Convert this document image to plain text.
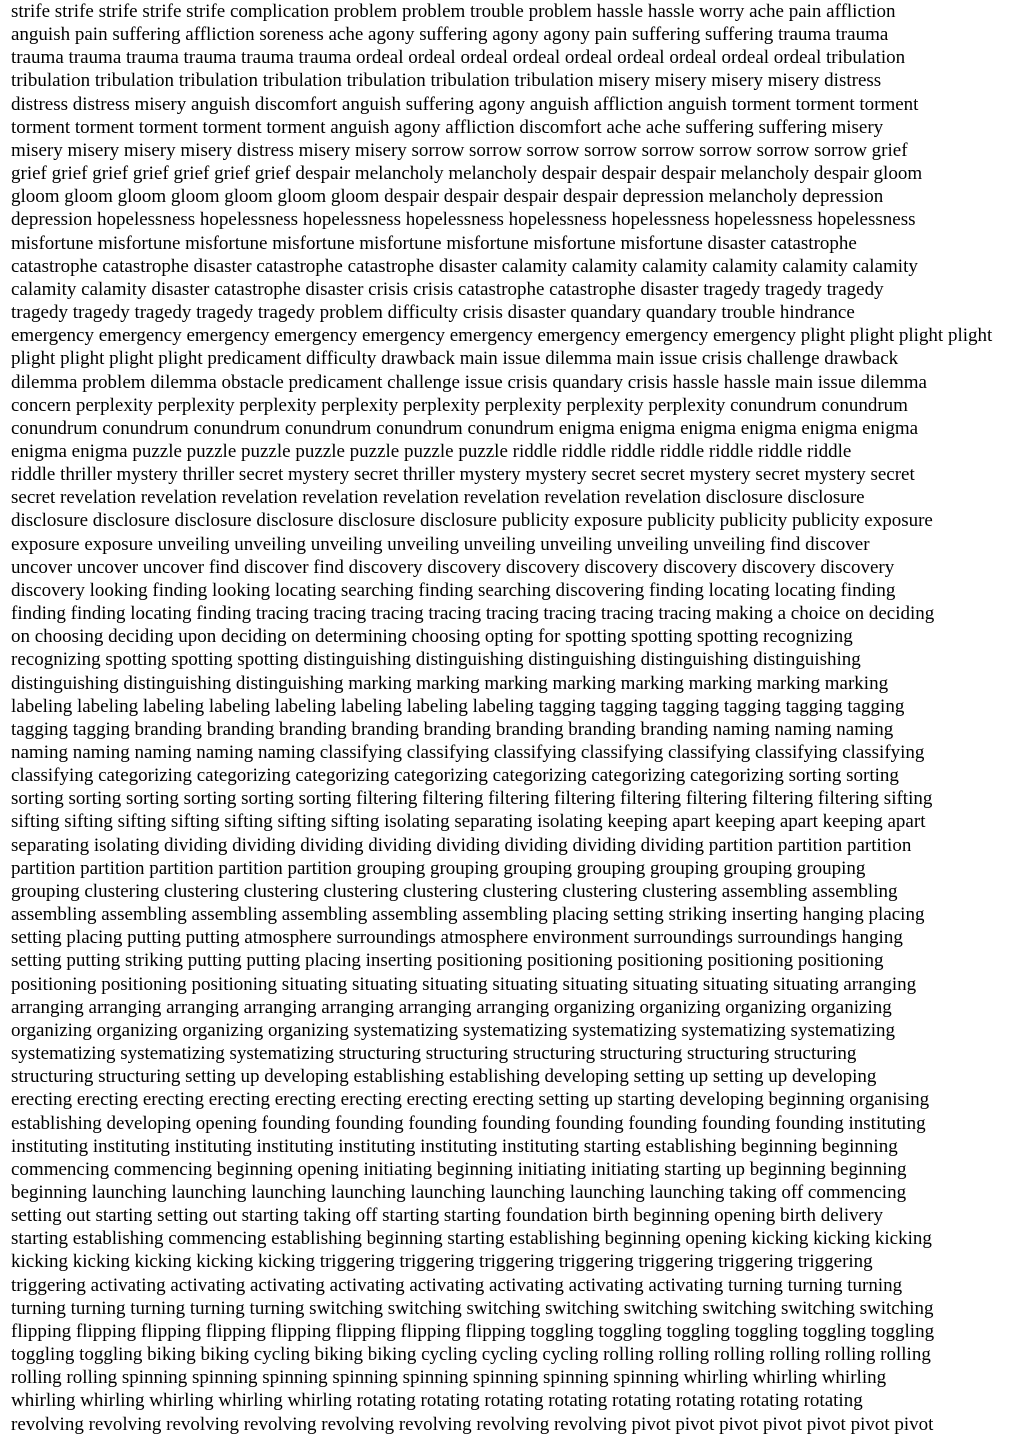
strife strife strife strife strife complication problem problem trouble problem hassle hassle worry ache pain affliction
anguish pain suffering affliction soreness ache agony suffering agony agony pain suffering suffering trauma trauma
trauma trauma trauma trauma trauma trauma ordeal ordeal ordeal ordeal ordeal ordeal ordeal ordeal ordeal tribulation
tribulation tribulation tribulation tribulation tribulation tribulation tribulation misery misery misery misery distress
distress distress misery anguish discomfort anguish suffering agony anguish affliction anguish torment torment torment
torment torment torment torment torment anguish agony affliction discomfort ache ache suffering suffering misery
misery misery misery misery distress misery misery sorrow sorrow sorrow sorrow sorrow sorrow sorrow sorrow grief
grief grief grief grief grief grief grief despair melancholy melancholy despair despair despair melancholy despair gloom
gloom gloom gloom gloom gloom gloom gloom despair despair despair despair depression melancholy depression
depression hopelessness hopelessness hopelessness hopelessness hopelessness hopelessness hopelessness hopelessness
misfortune misfortune misfortune misfortune misfortune misfortune misfortune misfortune disaster catastrophe
catastrophe catastrophe disaster catastrophe catastrophe disaster calamity calamity calamity calamity calamity calamity
calamity calamity disaster catastrophe disaster crisis crisis catastrophe catastrophe disaster tragedy tragedy tragedy
tragedy tragedy tragedy tragedy tragedy problem difficulty crisis disaster quandary quandary trouble hindrance
emergency emergency emergency emergency emergency emergency emergency emergency emergency plight plight plight plight
plight plight plight plight predicament difficulty drawback main issue dilemma main issue crisis challenge drawback
dilemma problem dilemma obstacle predicament challenge issue crisis quandary crisis hassle hassle main issue dilemma
concern perplexity perplexity perplexity perplexity perplexity perplexity perplexity perplexity conundrum conundrum
conundrum conundrum conundrum conundrum conundrum conundrum enigma enigma enigma enigma enigma enigma
enigma enigma puzzle puzzle puzzle puzzle puzzle puzzle puzzle riddle riddle riddle riddle riddle riddle riddle
riddle thriller mystery thriller secret mystery secret thriller mystery mystery secret secret mystery secret mystery secret
secret revelation revelation revelation revelation revelation revelation revelation revelation disclosure disclosure
disclosure disclosure disclosure disclosure disclosure disclosure publicity exposure publicity publicity publicity exposure
exposure exposure unveiling unveiling unveiling unveiling unveiling unveiling unveiling unveiling find discover
uncover uncover uncover find discover find discovery discovery discovery discovery discovery discovery discovery
discovery looking finding looking locating searching finding searching discovering finding locating locating finding
finding finding locating finding tracing tracing tracing tracing tracing tracing tracing tracing making a choice on deciding
on choosing deciding upon deciding on determining choosing opting for spotting spotting spotting recognizing
recognizing spotting spotting spotting distinguishing distinguishing distinguishing distinguishing distinguishing
distinguishing distinguishing distinguishing marking marking marking marking marking marking marking marking
labeling labeling labeling labeling labeling labeling labeling labeling tagging tagging tagging tagging tagging tagging
tagging tagging branding branding branding branding branding branding branding branding naming naming naming
naming naming naming naming naming classifying classifying classifying classifying classifying classifying classifying
classifying categorizing categorizing categorizing categorizing categorizing categorizing categorizing sorting sorting
sorting sorting sorting sorting sorting sorting filtering filtering filtering filtering filtering filtering filtering filtering sifting
sifting sifting sifting sifting sifting sifting sifting isolating separating isolating keeping apart keeping apart keeping apart
separating isolating dividing dividing dividing dividing dividing dividing dividing dividing partition partition partition
partition partition partition partition partition grouping grouping grouping grouping grouping grouping grouping
grouping clustering clustering clustering clustering clustering clustering clustering clustering assembling assembling
assembling assembling assembling assembling assembling assembling placing setting striking inserting hanging placing
setting placing putting putting atmosphere surroundings atmosphere environment surroundings surroundings hanging
setting putting striking putting putting placing inserting positioning positioning positioning positioning positioning
positioning positioning positioning situating situating situating situating situating situating situating situating arranging
arranging arranging arranging arranging arranging arranging arranging organizing organizing organizing organizing
organizing organizing organizing organizing systematizing systematizing systematizing systematizing systematizing
systematizing systematizing systematizing structuring structuring structuring structuring structuring structuring
structuring structuring setting up developing establishing establishing developing setting up setting up developing
erecting erecting erecting erecting erecting erecting erecting erecting setting up starting developing beginning organising
establishing developing opening founding founding founding founding founding founding founding founding instituting
instituting instituting instituting instituting instituting instituting instituting starting establishing beginning beginning
commencing commencing beginning opening initiating beginning initiating initiating starting up beginning beginning
beginning launching launching launching launching launching launching launching launching taking off commencing
setting out starting setting out starting taking off starting starting foundation birth beginning opening birth delivery
starting establishing commencing establishing beginning starting establishing beginning opening kicking kicking kicking
kicking kicking kicking kicking kicking triggering triggering triggering triggering triggering triggering triggering
triggering activating activating activating activating activating activating activating activating turning turning turning
turning turning turning turning turning switching switching switching switching switching switching switching switching
flipping flipping flipping flipping flipping flipping flipping flipping toggling toggling toggling toggling toggling toggling
toggling toggling biking biking cycling biking biking cycling cycling cycling rolling rolling rolling rolling rolling rolling
rolling rolling spinning spinning spinning spinning spinning spinning spinning spinning whirling whirling whirling
whirling whirling whirling whirling whirling rotating rotating rotating rotating rotating rotating rotating rotating
revolving revolving revolving revolving revolving revolving revolving revolving pivot pivot pivot pivot pivot pivot pivot
